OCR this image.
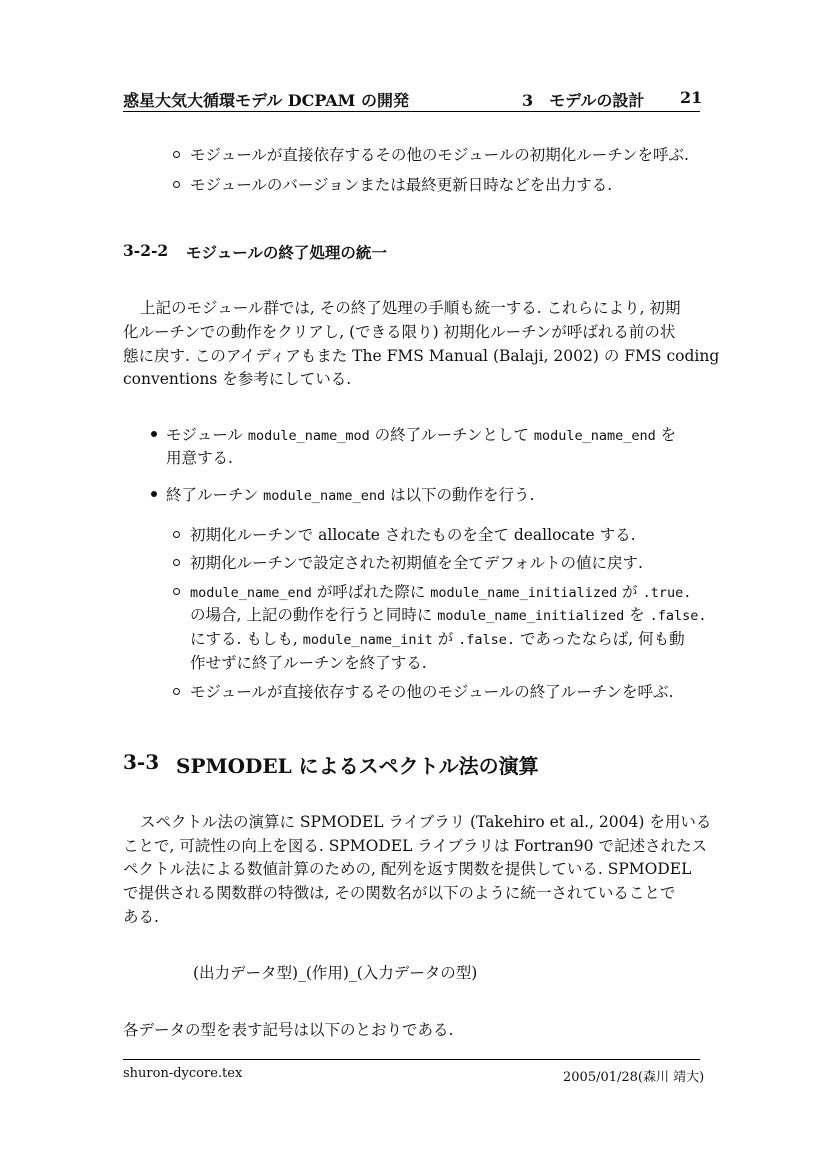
惑星大気大循環モデル DCPAM の開発	3　モデルの設計 21
モジュールが直接依存するその他のモジュールの初期化ルーチンを呼ぶ.
モジュールのバージョンまたは最終更新日時などを出力する.
3-2-2 モジュールの終了処理の統一
上記のモジュール群では, その終了処理の手順も統一する. これらにより, 初期
化ルーチンでの動作をクリアし, (できる限り) 初期化ルーチンが呼ばれる前の状
態に戻す. このアイディアもまた The FMS Manual (Balaji, 2002) の FMS coding
conventions を参考にしている.
モジュール module_name_mod の終了ルーチンとして module_name_end を
用意する.
終了ルーチン module_name_end は以下の動作を行う.
初期化ルーチンで allocate されたものを全て deallocate する.
初期化ルーチンで設定された初期値を全てデフォルトの値に戻す.
module_name_end が呼ばれた際に module_name_initialized が .true.
の場合, 上記の動作を行うと同時に module_name_initialized を .false.
にする. もしも, module_name_init が .false. であったならば, 何も動
作せずに終了ルーチンを終了する.
モジュールが直接依存するその他のモジュールの終了ルーチンを呼ぶ.
3-3 SPMODEL によるスペクトル法の演算
スペクトル法の演算に SPMODEL ライブラリ (Takehiro et al., 2004) を用いる
ことで, 可読性の向上を図る. SPMODEL ライブラリは Fortran90 で記述されたス
ペクトル法による数値計算のための, 配列を返す関数を提供している. SPMODEL
で提供される関数群の特徴は, その関数名が以下のように統一されていることで
ある.
(出力データ型)_(作用)_(入力データの型)
各データの型を表す記号は以下のとおりである.
shuron-dycore.tex	2005/01/28(森川 靖大)
